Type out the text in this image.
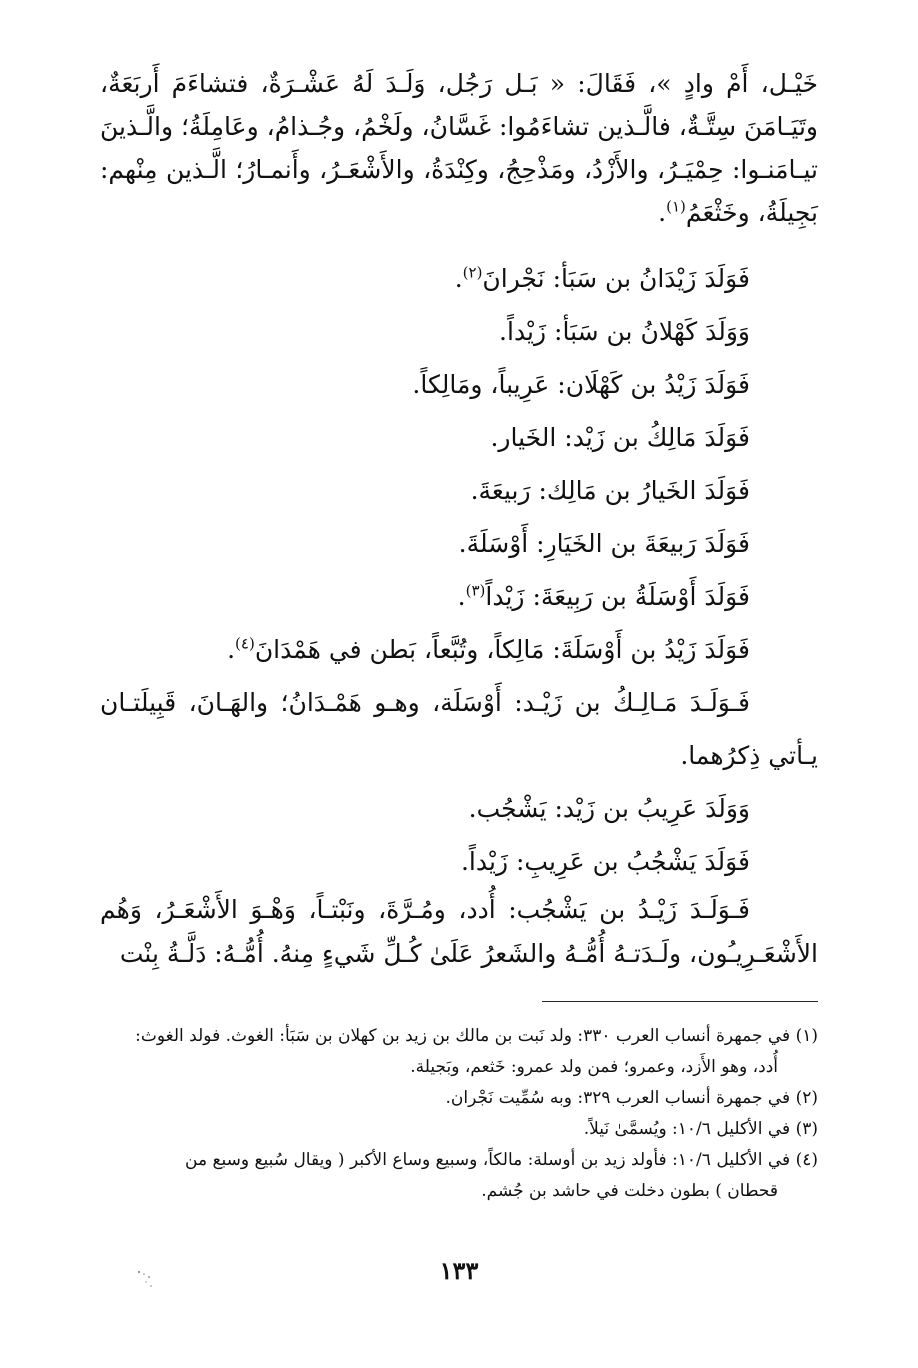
خَيْـل، أَمْ وادٍ »، فَقَالَ: « بَـل رَجُل، وَلَـدَ لَهُ عَشْـرَةٌ، فتشاءَمَ أَربَعَةٌ، وتَيَـامَنَ سِتَّـةٌ، فالَّـذين تشاءَمُوا: غَسَّانُ، ولَخْمُ، وجُـذامُ، وعَامِلَةُ؛ والَّـذينَ تيـامَنـوا: حِمْيَـرُ، والأَزْدُ، ومَذْحِجُ، وكِنْدَةُ، والأَشْعَـرُ، وأَنمـارُ؛ الَّـذين مِنْهم: بَجِيلَةُ، وخَثْعَمُ$^{(١)}$.

فَوَلَدَ زَيْدَانُ بن سَبَأ: نَجْرانَ$^{(٢)}$.

وَوَلَدَ كَهْلانُ بن سَبَأ: زَيْداً.

فَوَلَدَ زَيْدُ بن كَهْلَان: عَرِيباً، ومَالِكاً.

فَوَلَدَ مَالِكُ بن زَيْد: الخَيار.

فَوَلَدَ الخَيارُ بن مَالِك: رَبيعَةَ.

فَوَلَدَ رَبيعَةَ بن الخَيَارِ: أَوْسَلَةَ.

فَوَلَدَ أَوْسَلَةُ بن رَبِيعَةَ: زَيْداً$^{(٣)}$.

فَوَلَدَ زَيْدُ بن أَوْسَلَةَ: مَالِكاً، وتُبَّعاً، بَطن في هَمْدَانَ$^{(٤)}$.

فَـوَلَـدَ مَـالِـكُ بن زَيْـد: أَوْسَلَة، وهـو هَمْـدَانُ؛ والهَـانَ، قَبِيلَتـان يـأتي ذِكرُهما.

وَوَلَدَ عَرِيبُ بن زَيْد: يَشْجُب.

فَوَلَدَ يَشْجُبُ بن عَرِيبِ: زَيْداً.

فَـوَلَـدَ زَيْـدُ بن يَشْجُب: أُدد، ومُـرَّةَ، ونَبْتـاً، وَهْـوَ الأَشْعَـرُ، وَهُم الأَشْعَـرِيـُون، ولَـدَتـهُ أُمُّـهُ والشَعرُ عَلَىٰ كُـلِّ شَيءٍ مِنهُ. أُمُّـهُ: دَلَّـةُ بِنْت

(١) في جمهرة أنساب العرب ٣٣٠: ولد نَبت بن مالك بن زيد بن كهلان بن سَبَأ: الغوث. فولد الغوث:

أُدد، وهو الأَزد، وعمرو؛ فمن ولد عمرو: خَثعم، وبَجيلة.

(٢) في جمهرة أنساب العرب ٣٢٩: وبه سُمِّيت نَجْران.

(٣) في الأكليل ١٠/٦: ويُسمَّىٰ نَيلاً.

(٤) في الأكليل ١٠/٦: فأولد زيد بن أوسلة: مالكاً، وسبيع وساع الأكبر ( ويقال سُبيع وسبع من

قحطان ) بطون دخلت في حاشد بن جُشم.

١٣٣
